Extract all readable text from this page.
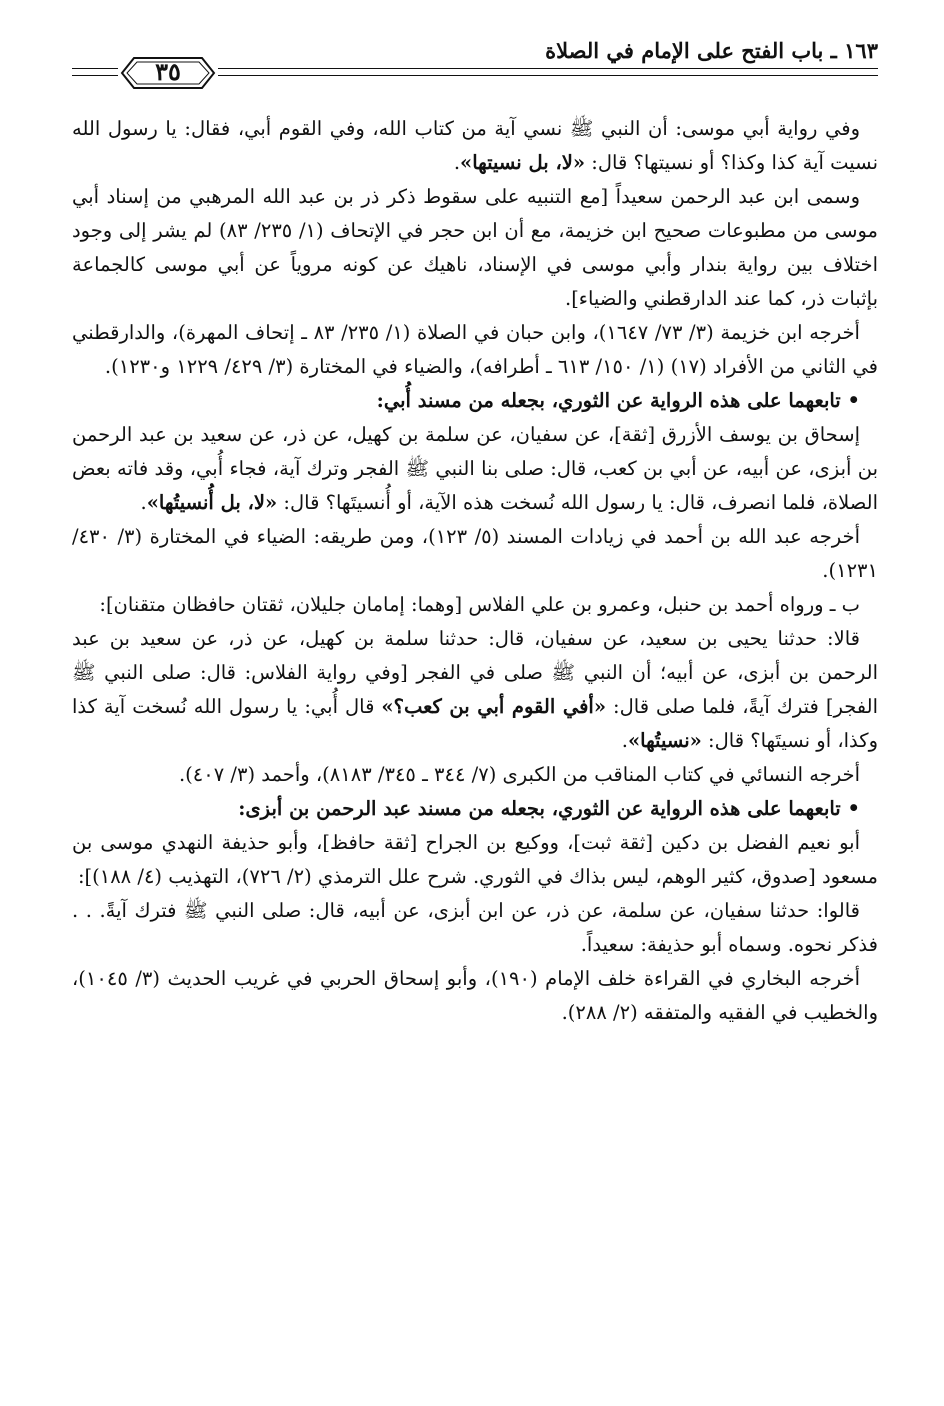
١٦٣ ـ باب الفتح على الإمام في الصلاة
٣٥

وفي رواية أبي موسى: أن النبي ﷺ نسي آية من كتاب الله، وفي القوم أبي، فقال: يا رسول الله نسيت آية كذا وكذا؟ أو نسيتها؟ قال: «لا، بل نسيتها».

وسمى ابن عبد الرحمن سعيداً [مع التنبيه على سقوط ذكر ذر بن عبد الله المرهبي من إسناد أبي موسى من مطبوعات صحيح ابن خزيمة، مع أن ابن حجر في الإتحاف (١/ ٢٣٥/ ٨٣) لم يشر إلى وجود اختلاف بين رواية بندار وأبي موسى في الإسناد، ناهيك عن كونه مروياً عن أبي موسى كالجماعة بإثبات ذر، كما عند الدارقطني والضياء].

أخرجه ابن خزيمة (٣/ ٧٣/ ١٦٤٧)، وابن حبان في الصلاة (١/ ٢٣٥/ ٨٣ ـ إتحاف المهرة)، والدارقطني في الثاني من الأفراد (١٧) (١/ ١٥٠/ ٦١٣ ـ أطرافه)، والضياء في المختارة (٣/ ٤٢٩/ ١٢٢٩ و١٢٣٠).

• تابعهما على هذه الرواية عن الثوري، بجعله من مسند أُبي:

إسحاق بن يوسف الأزرق [ثقة]، عن سفيان، عن سلمة بن كهيل، عن ذر، عن سعيد بن عبد الرحمن بن أبزى، عن أبيه، عن أبي بن كعب، قال: صلى بنا النبي ﷺ الفجر وترك آية، فجاء أُبي، وقد فاته بعض الصلاة، فلما انصرف، قال: يا رسول الله نُسخت هذه الآية، أو أُنسيتَها؟ قال: «لا، بل أُنسيتُها».

أخرجه عبد الله بن أحمد في زيادات المسند (٥/ ١٢٣)، ومن طريقه: الضياء في المختارة (٣/ ٤٣٠/ ١٢٣١).

ب ـ ورواه أحمد بن حنبل، وعمرو بن علي الفلاس [وهما: إمامان جليلان، ثقتان حافظان متقنان]:

قالا: حدثنا يحيى بن سعيد، عن سفيان، قال: حدثنا سلمة بن كهيل، عن ذر، عن سعيد بن عبد الرحمن بن أبزى، عن أبيه؛ أن النبي ﷺ صلى في الفجر [وفي رواية الفلاس: قال: صلى النبي ﷺ الفجر] فترك آيةً، فلما صلى قال: «أفي القوم أبي بن كعب؟» قال أُبي: يا رسول الله نُسخت آية كذا وكذا، أو نسيتَها؟ قال: «نسيتُها».

أخرجه النسائي في كتاب المناقب من الكبرى (٧/ ٣٤٤ ـ ٣٤٥/ ٨١٨٣)، وأحمد (٣/ ٤٠٧).

• تابعهما على هذه الرواية عن الثوري، بجعله من مسند عبد الرحمن بن أبزى:

أبو نعيم الفضل بن دكين [ثقة ثبت]، ووكيع بن الجراح [ثقة حافظ]، وأبو حذيفة النهدي موسى بن مسعود [صدوق، كثير الوهم، ليس بذاك في الثوري. شرح علل الترمذي (٢/ ٧٢٦)، التهذيب (٤/ ١٨٨)]:

قالوا: حدثنا سفيان، عن سلمة، عن ذر، عن ابن أبزى، عن أبيه، قال: صلى النبي ﷺ فترك آيةً. . . فذكر نحوه. وسماه أبو حذيفة: سعيداً.

أخرجه البخاري في القراءة خلف الإمام (١٩٠)، وأبو إسحاق الحربي في غريب الحديث (٣/ ١٠٤٥)، والخطيب في الفقيه والمتفقه (٢/ ٢٨٨).
